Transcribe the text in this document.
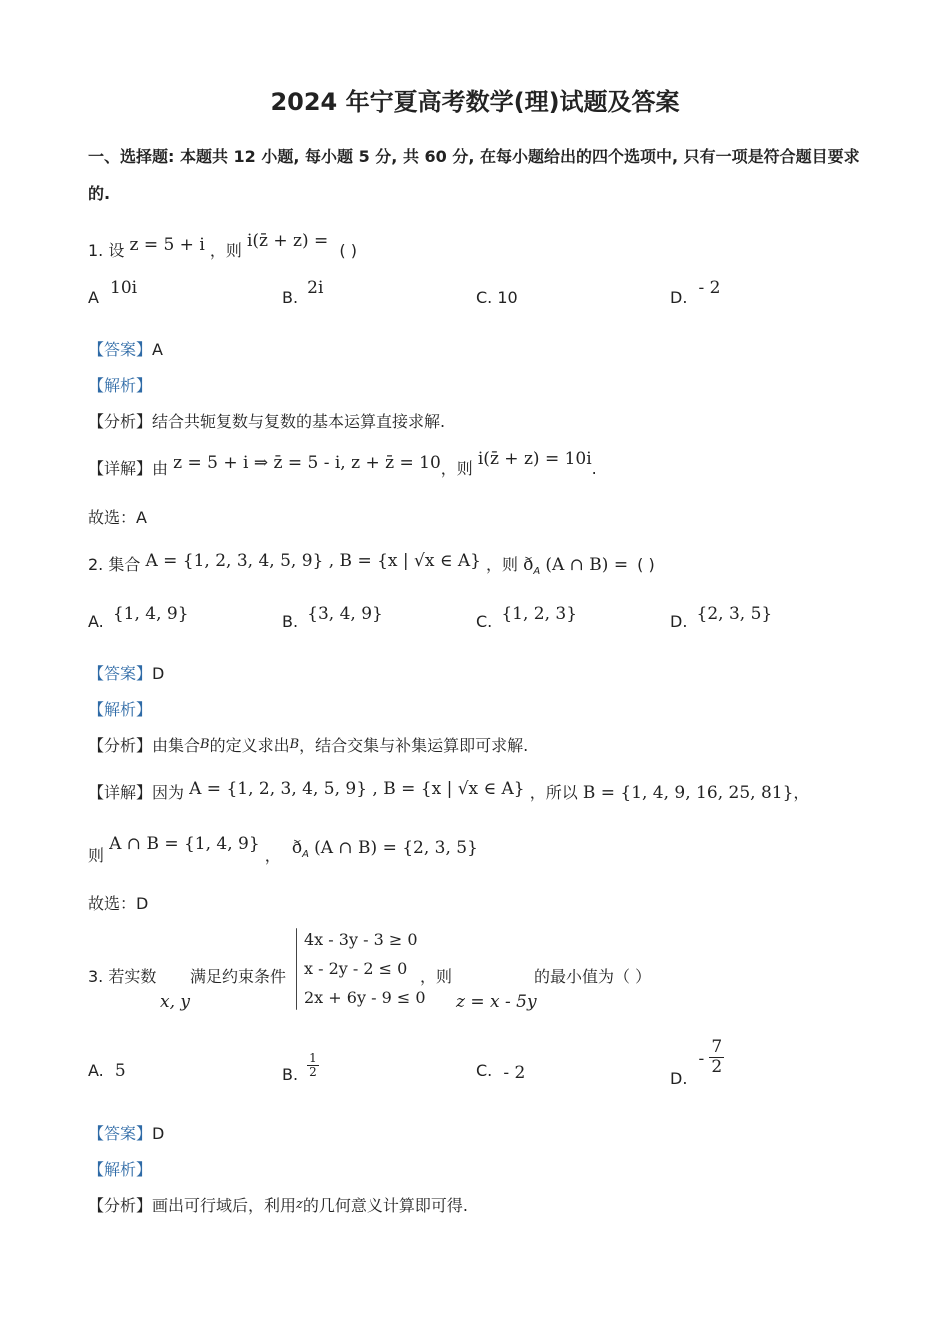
2024 年宁夏高考数学(理)试题及答案
一、选择题: 本题共 12 小题, 每小题 5 分, 共 60 分, 在每小题给出的四个选项中, 只有一项是符合题目要求
的.
1. 设 z = 5 + i ，则 i(z̄ + z) = ( )
A 10i	B. 2i	C. 10	D. - 2
【答案】A
【解析】
【分析】结合共轭复数与复数的基本运算直接求解.
【详解】由 z = 5 + i ⇒ z̄ = 5 - i, z + z̄ = 10，则 i(z̄ + z) = 10i.
故选：A
2. 集合 A = {1, 2, 3, 4, 5, 9} , B = {x | √x ∈ A} ，则 $ð_A$ (A ∩ B) = ( )
A. {1, 4, 9}	B. {3, 4, 9}	C. {1, 2, 3}	D. {2, 3, 5}
【答案】D
【解析】
【分析】由集合B的定义求出B，结合交集与补集运算即可求解.
【详解】因为 A = {1, 2, 3, 4, 5, 9} , B = {x | √x ∈ A} ，所以 B = {1, 4, 9, 16, 25, 81}，
则 A ∩ B = {1, 4, 9} ， $ð_A$ (A ∩ B) = {2, 3, 5}
故选：D
3. 若实数
x, y
满足约束条件
4x - 3y - 3 ≥ 0
x - 2y - 2 ≤ 0
2x + 6y - 9 ≤ 0
，则
z = x - 5y
的最小值为（ ）
A. 5	B. $\frac{1}{2}$	C. - 2	D. - $\frac{7}{2}$
【答案】D
【解析】
【分析】画出可行域后，利用z的几何意义计算即可得.
